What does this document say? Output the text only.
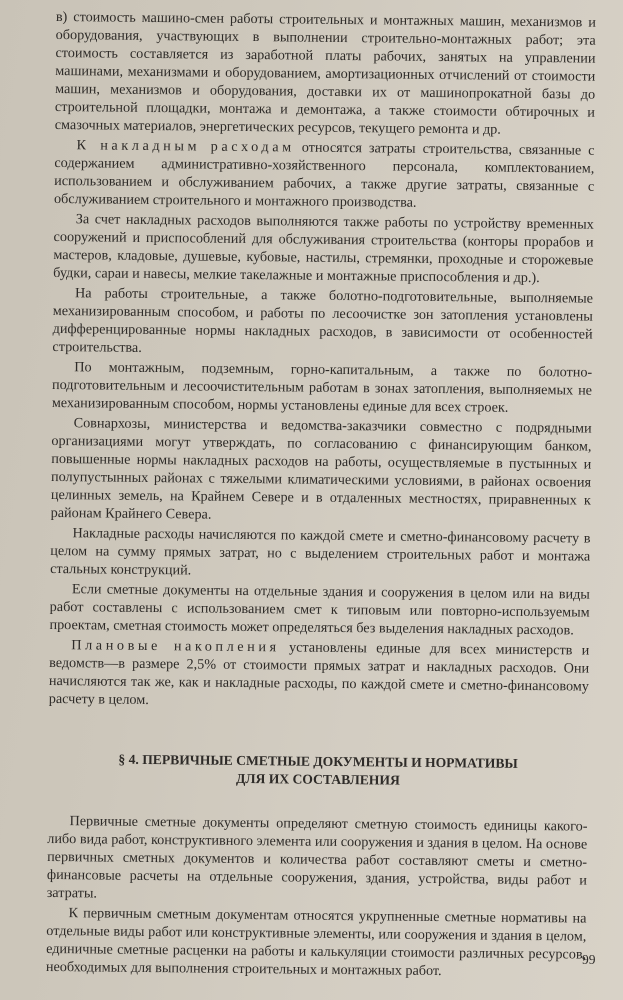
в) стоимость машино-смен работы строительных и монтажных машин, механизмов и оборудования, участвующих в выполнении строительно-монтажных работ; эта стоимость составляется из заработной платы рабочих, занятых на управлении машинами, механизмами и оборудованием, амортизационных отчислений от стоимости машин, механизмов и оборудования, доставки их от машинопрокатной базы до строительной площадки, монтажа и демонтажа, а также стоимости обтирочных и смазочных материалов, энергетических ресурсов, текущего ремонта и др.

К накладным расходам относятся затраты строительства, связанные с содержанием административно-хозяйственного персонала, комплектованием, использованием и обслуживанием рабочих, а также другие затраты, связанные с обслуживанием строительного и монтажного производства.

За счет накладных расходов выполняются также работы по устройству временных сооружений и приспособлений для обслуживания строительства (конторы прорабов и мастеров, кладовые, душевые, кубовые, настилы, стремянки, проходные и сторожевые будки, сараи и навесы, мелкие такелажные и монтажные приспособления и др.).

На работы строительные, а также болотно-подготовительные, выполняемые механизированным способом, и работы по лесоочистке зон затопления установлены дифференцированные нормы накладных расходов, в зависимости от особенностей строительства.

По монтажным, подземным, горно-капитальным, а также по болотно-подготовительным и лесоочистительным работам в зонах затопления, выполняемых не механизированным способом, нормы установлены единые для всех строек.

Совнархозы, министерства и ведомства-заказчики совместно с подрядными организациями могут утверждать, по согласованию с финансирующим банком, повышенные нормы накладных расходов на работы, осуществляемые в пустынных и полупустынных районах с тяжелыми климатическими условиями, в районах освоения целинных земель, на Крайнем Севере и в отдаленных местностях, приравненных к районам Крайнего Севера.

Накладные расходы начисляются по каждой смете и сметно-финансовому расчету в целом на сумму прямых затрат, но с выделением строительных работ и монтажа стальных конструкций.

Если сметные документы на отдельные здания и сооружения в целом или на виды работ составлены с использованием смет к типовым или повторно-используемым проектам, сметная стоимость может определяться без выделения накладных расходов.

Плановые накопления установлены единые для всех министерств и ведомств—в размере 2,5% от стоимости прямых затрат и накладных расходов. Они начисляются так же, как и накладные расходы, по каждой смете и сметно-финансовому расчету в целом.

§ 4. ПЕРВИЧНЫЕ СМЕТНЫЕ ДОКУМЕНТЫ И НОРМАТИВЫ
ДЛЯ ИХ СОСТАВЛЕНИЯ

Первичные сметные документы определяют сметную стоимость единицы какого-либо вида работ, конструктивного элемента или сооружения и здания в целом. На основе первичных сметных документов и количества работ составляют сметы и сметно-финансовые расчеты на отдельные сооружения, здания, устройства, виды работ и затраты.

К первичным сметным документам относятся укрупненные сметные нормативы на отдельные виды работ или конструктивные элементы, или сооружения и здания в целом, единичные сметные расценки на работы и калькуляции стоимости различных ресурсов, необходимых для выполнения строительных и монтажных работ.	99
